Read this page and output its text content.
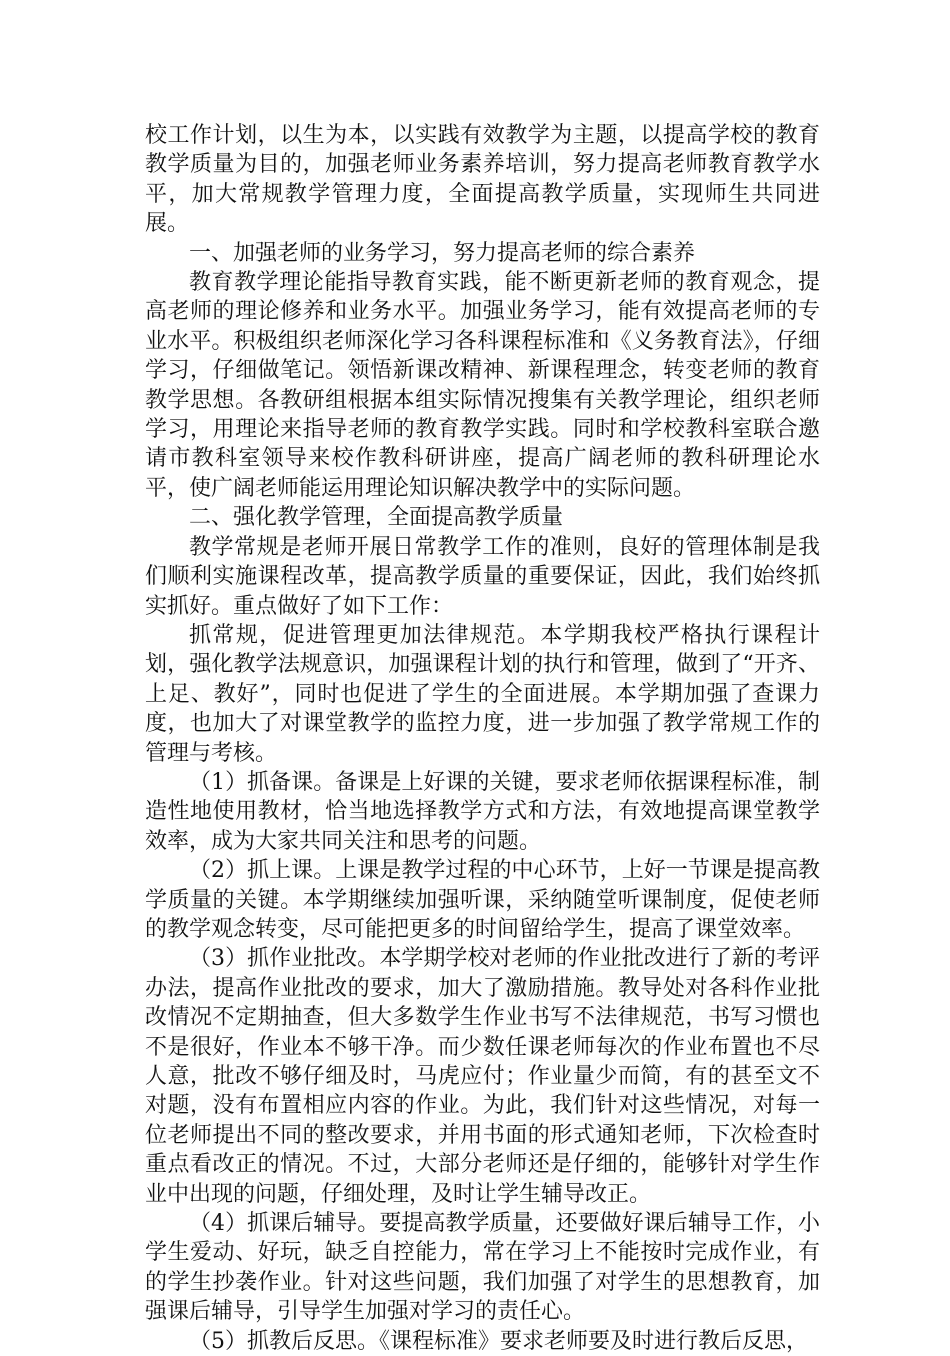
校工作计划，以生为本，以实践有效教学为主题，以提高学校的教育教学质量为目的，加强老师业务素养培训，努力提高老师教育教学水平，加大常规教学管理力度，全面提高教学质量，实现师生共同进展。

一、加强老师的业务学习，努力提高老师的综合素养

教育教学理论能指导教育实践，能不断更新老师的教育观念，提高老师的理论修养和业务水平。加强业务学习，能有效提高老师的专业水平。积极组织老师深化学习各科课程标准和《义务教育法》，仔细学习，仔细做笔记。领悟新课改精神、新课程理念，转变老师的教育教学思想。各教研组根据本组实际情况搜集有关教学理论，组织老师学习，用理论来指导老师的教育教学实践。同时和学校教科室联合邀请市教科室领导来校作教科研讲座，提高广阔老师的教科研理论水平，使广阔老师能运用理论知识解决教学中的实际问题。

二、强化教学管理，全面提高教学质量

教学常规是老师开展日常教学工作的准则，良好的管理体制是我们顺利实施课程改革，提高教学质量的重要保证，因此，我们始终抓实抓好。重点做好了如下工作：

抓常规，促进管理更加法律规范。本学期我校严格执行课程计划，强化教学法规意识，加强课程计划的执行和管理，做到了“开齐、上足、教好”，同时也促进了学生的全面进展。本学期加强了查课力度，也加大了对课堂教学的监控力度，进一步加强了教学常规工作的管理与考核。

（1）抓备课。备课是上好课的关键，要求老师依据课程标准，制造性地使用教材，恰当地选择教学方式和方法，有效地提高课堂教学效率，成为大家共同关注和思考的问题。

（2）抓上课。上课是教学过程的中心环节，上好一节课是提高教学质量的关键。本学期继续加强听课，采纳随堂听课制度，促使老师的教学观念转变，尽可能把更多的时间留给学生，提高了课堂效率。

（3）抓作业批改。本学期学校对老师的作业批改进行了新的考评办法，提高作业批改的要求，加大了激励措施。教导处对各科作业批改情况不定期抽查，但大多数学生作业书写不法律规范，书写习惯也不是很好，作业本不够干净。而少数任课老师每次的作业布置也不尽人意，批改不够仔细及时，马虎应付；作业量少而简，有的甚至文不对题，没有布置相应内容的作业。为此，我们针对这些情况，对每一位老师提出不同的整改要求，并用书面的形式通知老师，下次检查时重点看改正的情况。不过，大部分老师还是仔细的，能够针对学生作业中出现的问题，仔细处理，及时让学生辅导改正。

（4）抓课后辅导。要提高教学质量，还要做好课后辅导工作，小学生爱动、好玩，缺乏自控能力，常在学习上不能按时完成作业，有的学生抄袭作业。针对这些问题，我们加强了对学生的思想教育，加强课后辅导，引导学生加强对学习的责任心。

（5）抓教后反思。《课程标准》要求老师要及时进行教后反思，
